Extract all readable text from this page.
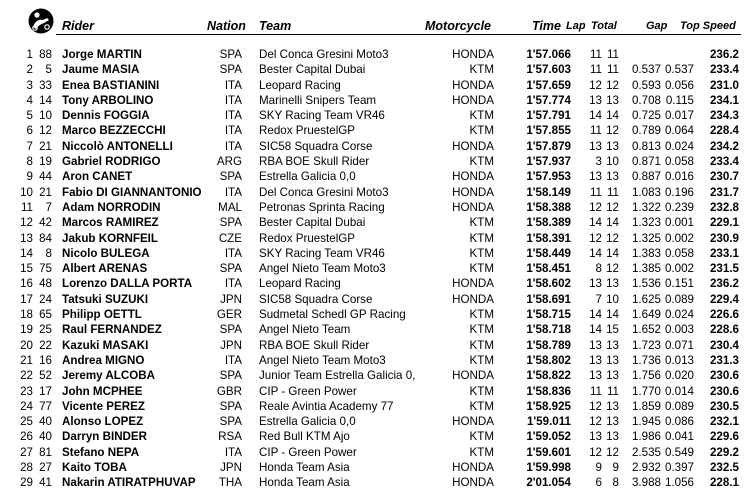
Rider	Nation Team	Motorcycle	Time Lap Total	Gap Top Speed
1 88 Jorge MARTIN	SPA Del Conca Gresini Moto3	HONDA	1'57.066 11 11	236.2
2 5 Jaume MASIA	SPA Bester Capital Dubai	KTM	1'57.603 11 11 0.537 0.537 233.4
3 33 Enea BASTIANINI	ITA Leopard Racing	HONDA	1'57.659 12 12 0.593 0.056 231.0
4 14 Tony ARBOLINO	ITA Marinelli Snipers Team	HONDA	1'57.774 13 13 0.708 0.115 234.1
5 10 Dennis FOGGIA	ITA SKY Racing Team VR46	KTM	1'57.791 14 14 0.725 0.017 234.3
6 12 Marco BEZZECCHI	ITA Redox PruestelGP	KTM	1'57.855 11 12 0.789 0.064 228.4
7 21 Niccolò ANTONELLI	ITA SIC58 Squadra Corse	HONDA	1'57.879 13 13 0.813 0.024 234.2
8 19 Gabriel RODRIGO	ARG RBA BOE Skull Rider	KTM	1'57.937 3 10 0.871 0.058 233.4
9 44 Aron CANET	SPA Estrella Galicia 0,0	HONDA	1'57.953 13 13 0.887 0.016 230.7
10 21 Fabio DI GIANNANTONIO ITA Del Conca Gresini Moto3	HONDA	1'58.149 11 11 1.083 0.196 231.7
11 7 Adam NORRODIN	MAL Petronas Sprinta Racing	HONDA	1'58.388 12 12 1.322 0.239 232.8
12 42 Marcos RAMIREZ	SPA Bester Capital Dubai	KTM	1'58.389 14 14 1.323 0.001 229.1
13 84 Jakub KORNFEIL	CZE Redox PruestelGP	KTM	1'58.391 12 12 1.325 0.002 230.9
14 8 Nicolo BULEGA	ITA SKY Racing Team VR46	KTM	1'58.449 14 14 1.383 0.058 233.1
15 75 Albert ARENAS	SPA Angel Nieto Team Moto3	KTM	1'58.451 8 12 1.385 0.002 231.5
16 48 Lorenzo DALLA PORTA	ITA Leopard Racing	HONDA	1'58.602 13 13 1.536 0.151 236.2
17 24 Tatsuki SUZUKI	JPN SIC58 Squadra Corse	HONDA	1'58.691 7 10 1.625 0.089 229.4
18 65 Philipp OETTL	GER Sudmetal Schedl GP Racing	KTM	1'58.715 14 14 1.649 0.024 226.6
19 25 Raul FERNANDEZ	SPA Angel Nieto Team	KTM	1'58.718 14 15 1.652 0.003 228.6
20 22 Kazuki MASAKI	JPN RBA BOE Skull Rider	KTM	1'58.789 13 13 1.723 0.071 230.4
21 16 Andrea MIGNO	ITA Angel Nieto Team Moto3	KTM	1'58.802 13 13 1.736 0.013 231.3
22 52 Jeremy ALCOBA	SPA Junior Team Estrella Galicia 0,	HONDA	1'58.822 13 13 1.756 0.020 230.6
23 17 John MCPHEE	GBR CIP - Green Power	KTM	1'58.836 11 11 1.770 0.014 230.6
24 77 Vicente PEREZ	SPA Reale Avintia Academy 77	KTM	1'58.925 12 13 1.859 0.089 230.5
25 40 Alonso LOPEZ	SPA Estrella Galicia 0,0	HONDA	1'59.011 12 13 1.945 0.086 232.1
26 40 Darryn BINDER	RSA Red Bull KTM Ajo	KTM	1'59.052 13 13 1.986 0.041 229.6
27 81 Stefano NEPA	ITA CIP - Green Power	KTM	1'59.601 12 12 2.535 0.549 229.2
28 27 Kaito TOBA	JPN Honda Team Asia	HONDA	1'59.998 9 9 2.932 0.397 232.5
29 41 Nakarin ATIRATPHUVAP THA Honda Team Asia	HONDA	2'01.054 6 8 3.988 1.056 228.1
